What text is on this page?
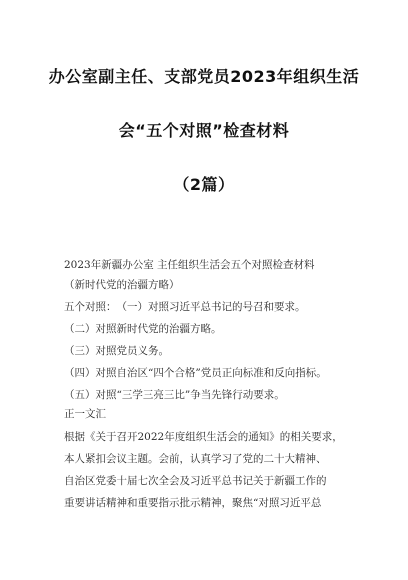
办公室副主任、支部党员2023年组织生活
会“五个对照”检查材料
（2篇）
2023年新疆办公室 主任组织生活会五个对照检查材料
（新时代党的治疆方略）
五个对照：　（一）对照习近平总书记的号召和要求。
（二）对照新时代党的治疆方略。
（三）对照党员义务。
（四）对照自治区“四个合格”党员正向标准和反向指标。
（五）对照“三学三亮三比”争当先锋行动要求。
正一文汇
根据《关于召开2022年度组织生活会的通知》的相关要求，
本人紧扣会议主题。会前，认真学习了党的二十大精神、
自治区党委十届七次全会及习近平总书记关于新疆工作的
重要讲话精神和重要指示批示精神，聚焦“对照习近平总
